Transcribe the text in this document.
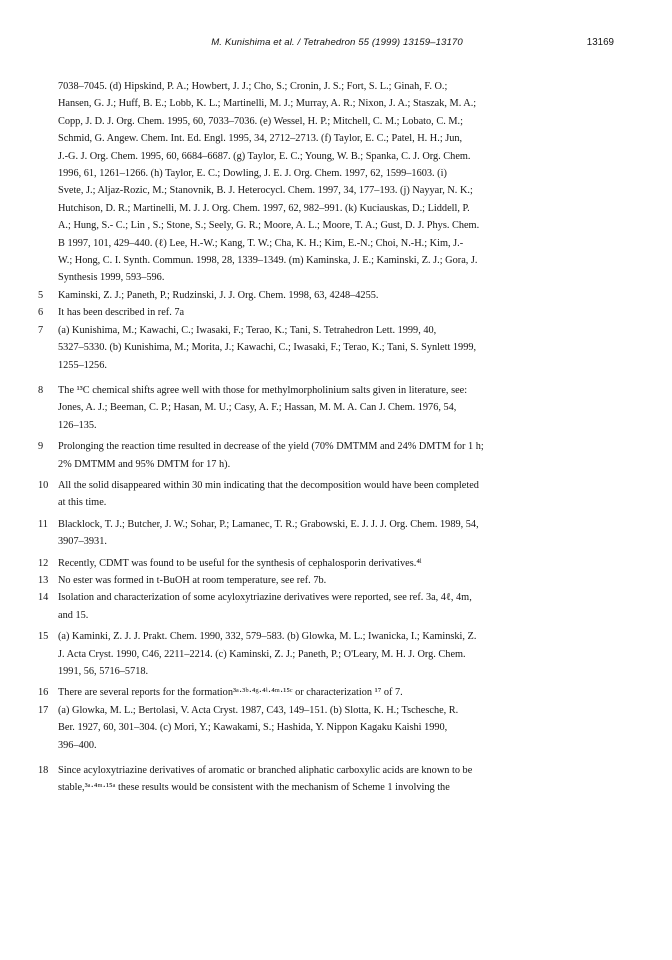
M. Kunishima et al. / Tetrahedron 55 (1999) 13159–13170	13169
7038–7045. (d) Hipskind, P. A.; Howbert, J. J.; Cho, S.; Cronin, J. S.; Fort, S. L.; Ginah, F. O.;
Hansen, G. J.; Huff, B. E.; Lobb, K. L.; Martinelli, M. J.; Murray, A. R.; Nixon, J. A.; Staszak, M. A.;
Copp, J. D. J. Org. Chem. 1995, 60, 7033–7036. (e) Wessel, H. P.; Mitchell, C. M.; Lobato, C. M.;
Schmid, G. Angew. Chem. Int. Ed. Engl. 1995, 34, 2712–2713. (f) Taylor, E. C.; Patel, H. H.; Jun,
J.-G. J. Org. Chem. 1995, 60, 6684–6687. (g) Taylor, E. C.; Young, W. B.; Spanka, C. J. Org. Chem.
1996, 61, 1261–1266. (h) Taylor, E. C.; Dowling, J. E. J. Org. Chem. 1997, 62, 1599–1603. (i)
Svete, J.; Aljaz-Rozic, M.; Stanovnik, B. J. Heterocycl. Chem. 1997, 34, 177–193. (j) Nayyar, N. K.;
Hutchison, D. R.; Martinelli, M. J. J. Org. Chem. 1997, 62, 982–991. (k) Kuciauskas, D.; Liddell, P.
A.; Hung, S.- C.; Lin , S.; Stone, S.; Seely, G. R.; Moore, A. L.; Moore, T. A.; Gust, D. J. Phys. Chem.
B 1997, 101, 429–440. (ℓ) Lee, H.-W.; Kang, T. W.; Cha, K. H.; Kim, E.-N.; Choi, N.-H.; Kim, J.-
W.; Hong, C. I. Synth. Commun. 1998, 28, 1339–1349. (m) Kaminska, J. E.; Kaminski, Z. J.; Gora, J.
Synthesis 1999, 593–596.
5	Kaminski, Z. J.; Paneth, P.; Rudzinski, J. J. Org. Chem. 1998, 63, 4248–4255.
6	It has been described in ref. 7a
7	(a) Kunishima, M.; Kawachi, C.; Iwasaki, F.; Terao, K.; Tani, S. Tetrahedron Lett. 1999, 40,
5327–5330. (b) Kunishima, M.; Morita, J.; Kawachi, C.; Iwasaki, F.; Terao, K.; Tani, S. Synlett 1999,
1255–1256.
8	The ¹³C chemical shifts agree well with those for methylmorpholinium salts given in literature, see:
Jones, A. J.; Beeman, C. P.; Hasan, M. U.; Casy, A. F.; Hassan, M. M. A. Can J. Chem. 1976, 54,
126–135.
9	Prolonging the reaction time resulted in decrease of the yield (70% DMTMM and 24% DMTM for 1 h;
2% DMTMM and 95% DMTM for 17 h).
10 All the solid disappeared within 30 min indicating that the decomposition would have been completed
at this time.
11 Blacklock, T. J.; Butcher, J. W.; Sohar, P.; Lamanec, T. R.; Grabowski, E. J. J. J. Org. Chem. 1989, 54,
3907–3931.
12 Recently, CDMT was found to be useful for the synthesis of cephalosporin derivatives.⁴ˡ
13 No ester was formed in t-BuOH at room temperature, see ref. 7b.
14 Isolation and characterization of some acyloxytriazine derivatives were reported, see ref. 3a, 4ℓ, 4m,
and 15.
15 (a) Kaminki, Z. J. J. Prakt. Chem. 1990, 332, 579–583. (b) Glowka, M. L.; Iwanicka, I.; Kaminski, Z.
J. Acta Cryst. 1990, C46, 2211–2214. (c) Kaminski, Z. J.; Paneth, P.; O'Leary, M. H. J. Org. Chem.
1991, 56, 5716–5718.
16 There are several reports for the formation³ᵃ·³ᵇ·⁴ᵍ·⁴ⁱ·⁴ᵐ·¹⁵ᶜ or characterization ¹⁷ of 7.
17 (a) Glowka, M. L.; Bertolasi, V. Acta Cryst. 1987, C43, 149–151. (b) Slotta, K. H.; Tschesche, R.
Ber. 1927, 60, 301–304. (c) Mori, Y.; Kawakami, S.; Hashida, Y. Nippon Kagaku Kaishi 1990,
396–400.
18 Since acyloxytriazine derivatives of aromatic or branched aliphatic carboxylic acids are known to be
stable,³ᵃ·⁴ᵐ·¹⁵ᵃ these results would be consistent with the mechanism of Scheme 1 involving the
